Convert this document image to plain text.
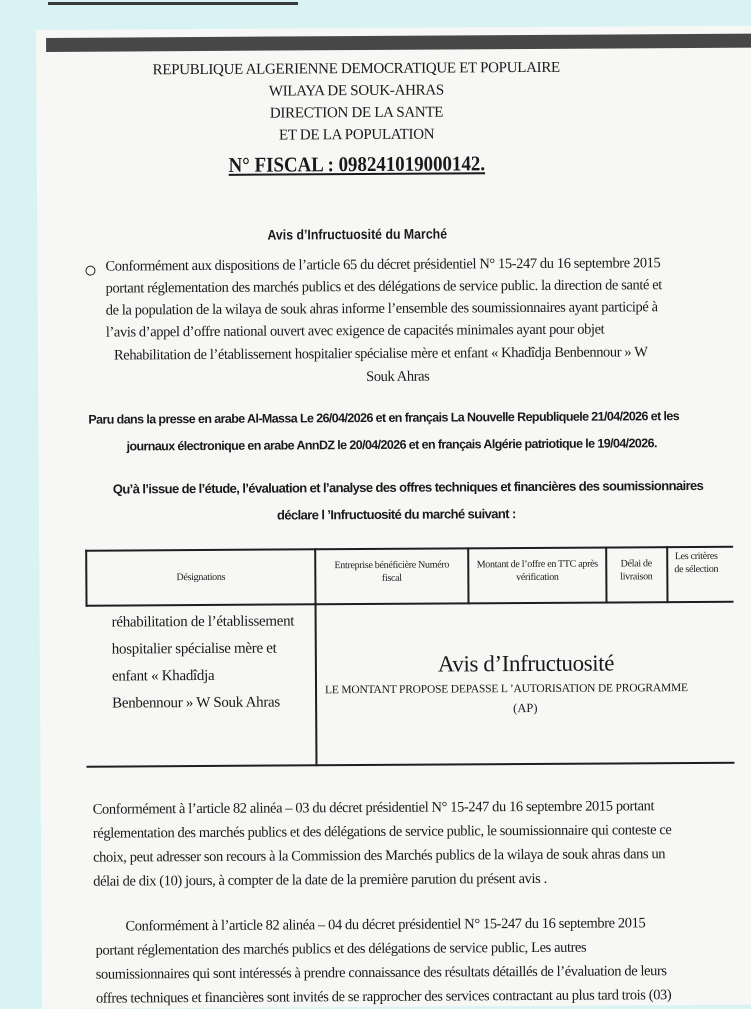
REPUBLIQUE ALGERIENNE DEMOCRATIQUE ET POPULAIRE
WILAYA DE SOUK-AHRAS
DIRECTION DE LA SANTE
ET DE LA POPULATION
N° FISCAL : 098241019000142.
Avis d’Infructuosité du Marché
Conformément aux dispositions de l’article 65 du décret présidentiel N° 15-247 du 16 septembre 2015
portant réglementation des marchés publics et des délégations de service public. la direction de santé et
de la population de la wilaya de souk ahras informe l’ensemble des soumissionnaires ayant participé à
l’avis d’appel d’offre national ouvert avec exigence de capacités minimales ayant pour objet
Rehabilitation de l’établissement hospitalier spécialise mère et enfant « Khadîdja Benbennour » W
Souk Ahras
Paru dans la presse en arabe Al-Massa Le 26/04/2026 et en français La Nouvelle Republiquele 21/04/2026 et les
journaux électronique en arabe AnnDZ le 20/04/2026 et en français Algérie patriotique le 19/04/2026.
Qu’à l’issue de l’étude, l’évaluation et l’analyse des offres techniques et financières des soumissionnaires
déclare l ’Infructuosité du marché suivant :
Désignations
Entreprise bénéficière Numéro fiscal
Montant de l’offre en TTC après vérification
Délai de livraison
Les critères de sélection
réhabilitation de l’établissement
hospitalier spécialise mère et
enfant « Khadîdja
Benbennour » W Souk Ahras
Avis d’Infructuosité
LE MONTANT PROPOSE DEPASSE L ’AUTORISATION DE PROGRAMME
(AP)
Conformément à l’article 82 alinéa – 03 du décret présidentiel N° 15-247 du 16 septembre 2015 portant
réglementation des marchés publics et des délégations de service public, le soumissionnaire qui conteste ce
choix, peut adresser son recours à la Commission des Marchés publics de la wilaya de souk ahras dans un
délai de dix (10) jours, à compter de la date de la première parution du présent avis .
Conformément à l’article 82 alinéa – 04 du décret présidentiel N° 15-247 du 16 septembre 2015
portant réglementation des marchés publics et des délégations de service public, Les autres
soumissionnaires qui sont intéressés à prendre connaissance des résultats détaillés de l’évaluation de leurs
offres techniques et financières sont invités de se rapprocher des services contractant au plus tard trois (03)
